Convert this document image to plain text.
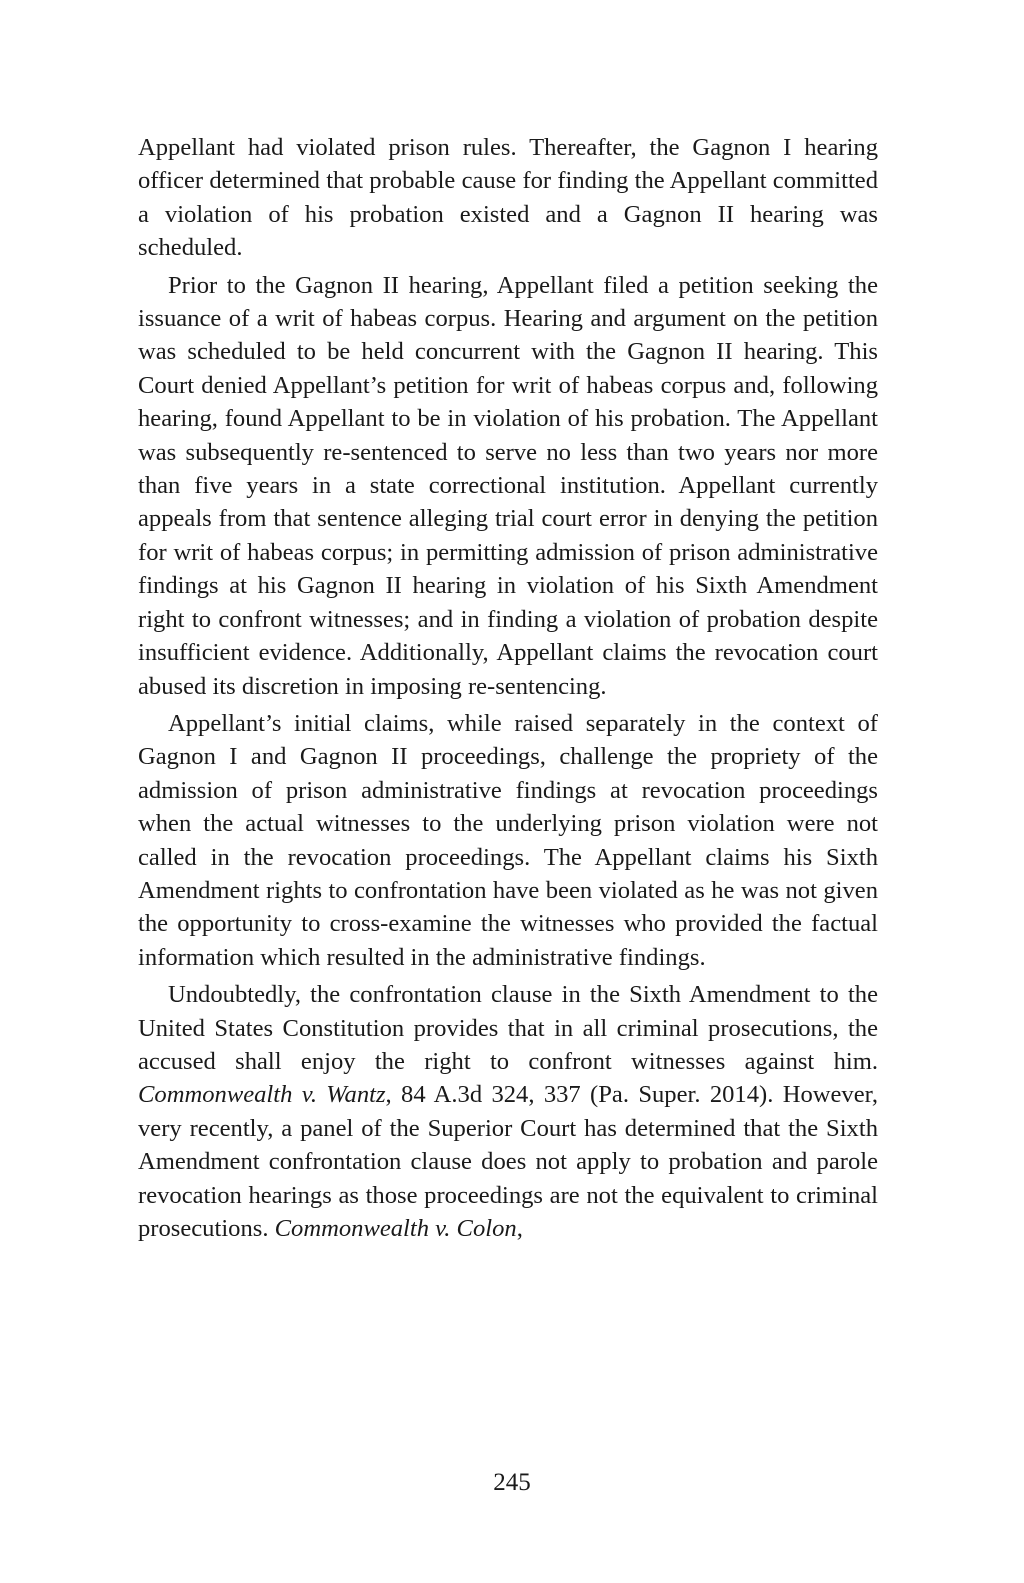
Appellant had violated prison rules. Thereafter, the Gagnon I hearing officer determined that probable cause for finding the Appellant committed a violation of his probation existed and a Gagnon II hearing was scheduled.

Prior to the Gagnon II hearing, Appellant filed a petition seeking the issuance of a writ of habeas corpus. Hearing and argument on the petition was scheduled to be held concurrent with the Gagnon II hearing. This Court denied Appellant’s petition for writ of habeas corpus and, following hearing, found Appellant to be in violation of his probation. The Appellant was subsequently re-sentenced to serve no less than two years nor more than five years in a state correctional institution. Appellant currently appeals from that sentence alleging trial court error in denying the petition for writ of habeas corpus; in permitting admission of prison administrative findings at his Gagnon II hearing in violation of his Sixth Amendment right to confront witnesses; and in finding a violation of probation despite insufficient evidence. Additionally, Appellant claims the revocation court abused its discretion in imposing re-sentencing.

Appellant’s initial claims, while raised separately in the context of Gagnon I and Gagnon II proceedings, challenge the propriety of the admission of prison administrative findings at revocation proceedings when the actual witnesses to the underlying prison violation were not called in the revocation proceedings. The Appellant claims his Sixth Amendment rights to confrontation have been violated as he was not given the opportunity to cross-examine the witnesses who provided the factual information which resulted in the administrative findings.

Undoubtedly, the confrontation clause in the Sixth Amendment to the United States Constitution provides that in all criminal prosecutions, the accused shall enjoy the right to confront witnesses against him. Commonwealth v. Wantz, 84 A.3d 324, 337 (Pa. Super. 2014). However, very recently, a panel of the Superior Court has determined that the Sixth Amendment confrontation clause does not apply to probation and parole revocation hearings as those proceedings are not the equivalent to criminal prosecutions. Commonwealth v. Colon,

245
